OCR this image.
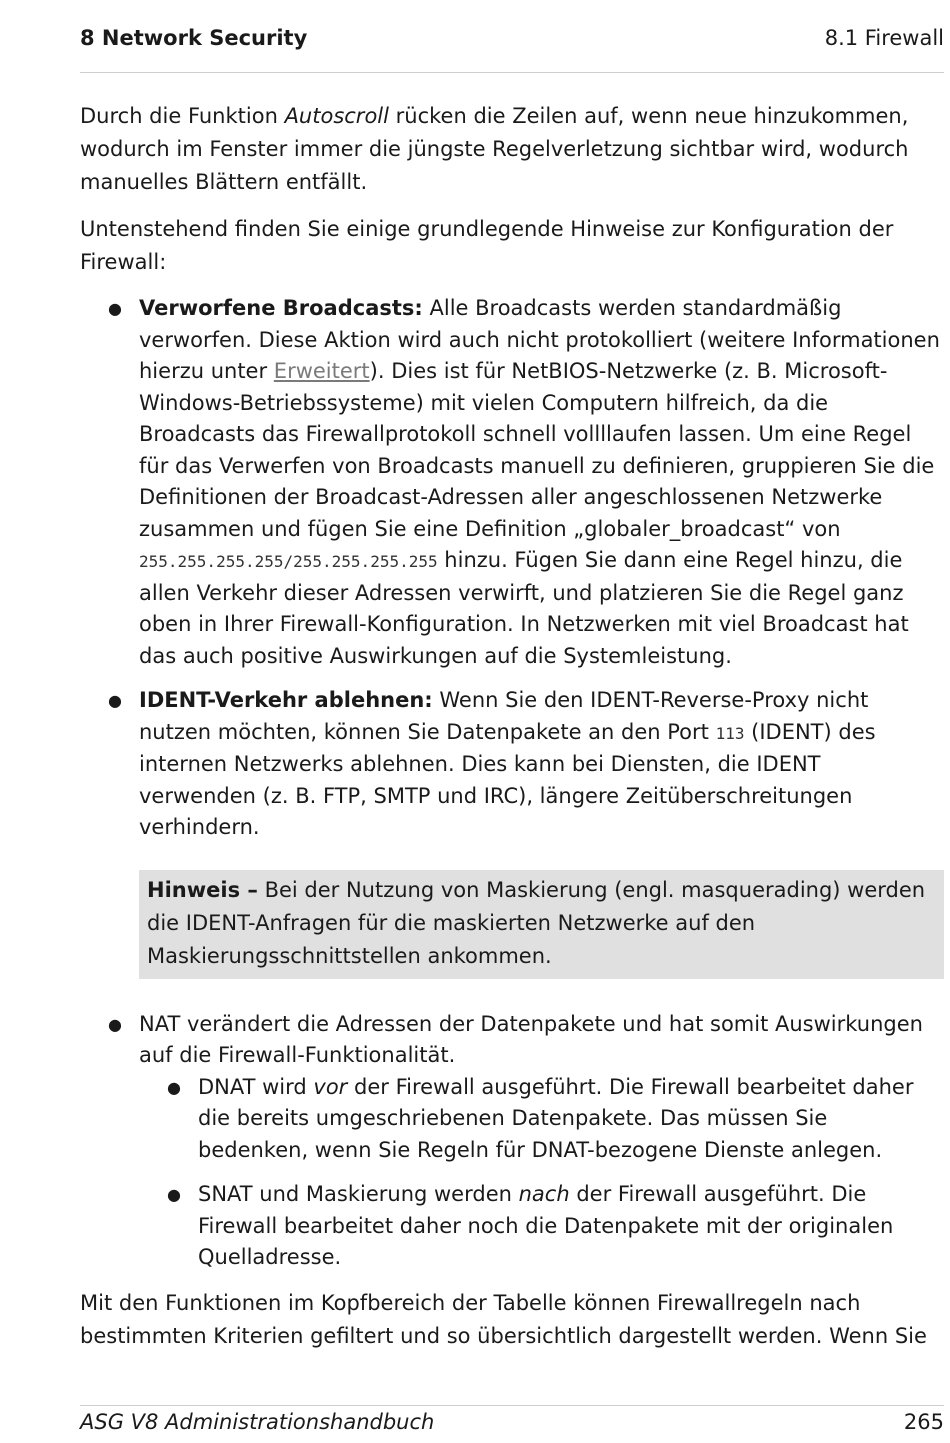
8 Network Security	8.1 Firewall

Durch die Funktion Autoscroll rücken die Zeilen auf, wenn neue hinzukommen, wodurch im Fenster immer die jüngste Regelverletzung sichtbar wird, wodurch manuelles Blättern entfällt.

Untenstehend finden Sie einige grundlegende Hinweise zur Konfiguration der Firewall:

● Verworfene Broadcasts: Alle Broadcasts werden standardmäßig verworfen. Diese Aktion wird auch nicht protokolliert (weitere Informationen hierzu unter Erweitert). Dies ist für NetBIOS-Netzwerke (z. B. Microsoft-Windows-Betriebssysteme) mit vielen Computern hilfreich, da die Broadcasts das Firewallprotokoll schnell vollllaufen lassen. Um eine Regel für das Verwerfen von Broadcasts manuell zu definieren, gruppieren Sie die Definitionen der Broadcast-Adressen aller angeschlossenen Netzwerke zusammen und fügen Sie eine Definition „globaler_broadcast“ von 255.255.255.255/255.255.255.255 hinzu. Fügen Sie dann eine Regel hinzu, die allen Verkehr dieser Adressen verwirft, und platzieren Sie die Regel ganz oben in Ihrer Firewall-Konfiguration. In Netzwerken mit viel Broadcast hat das auch positive Auswirkungen auf die Systemleistung.
● IDENT-Verkehr ablehnen: Wenn Sie den IDENT-Reverse-Proxy nicht nutzen möchten, können Sie Datenpakete an den Port 113 (IDENT) des internen Netzwerks ablehnen. Dies kann bei Diensten, die IDENT verwenden (z. B. FTP, SMTP und IRC), längere Zeitüberschreitungen verhindern.
Hinweis – Bei der Nutzung von Maskierung (engl. masquerading) werden die IDENT-Anfragen für die maskierten Netzwerke auf den Maskierungsschnittstellen ankommen.
● NAT verändert die Adressen der Datenpakete und hat somit Auswirkungen auf die Firewall-Funktionalität.
● DNAT wird vor der Firewall ausgeführt. Die Firewall bearbeitet daher die bereits umgeschriebenen Datenpakete. Das müssen Sie bedenken, wenn Sie Regeln für DNAT-bezogene Dienste anlegen.
● SNAT und Maskierung werden nach der Firewall ausgeführt. Die Firewall bearbeitet daher noch die Datenpakete mit der originalen Quelladresse.

Mit den Funktionen im Kopfbereich der Tabelle können Firewallregeln nach bestimmten Kriterien gefiltert und so übersichtlich dargestellt werden. Wenn Sie

ASG V8 Administrationshandbuch	265
